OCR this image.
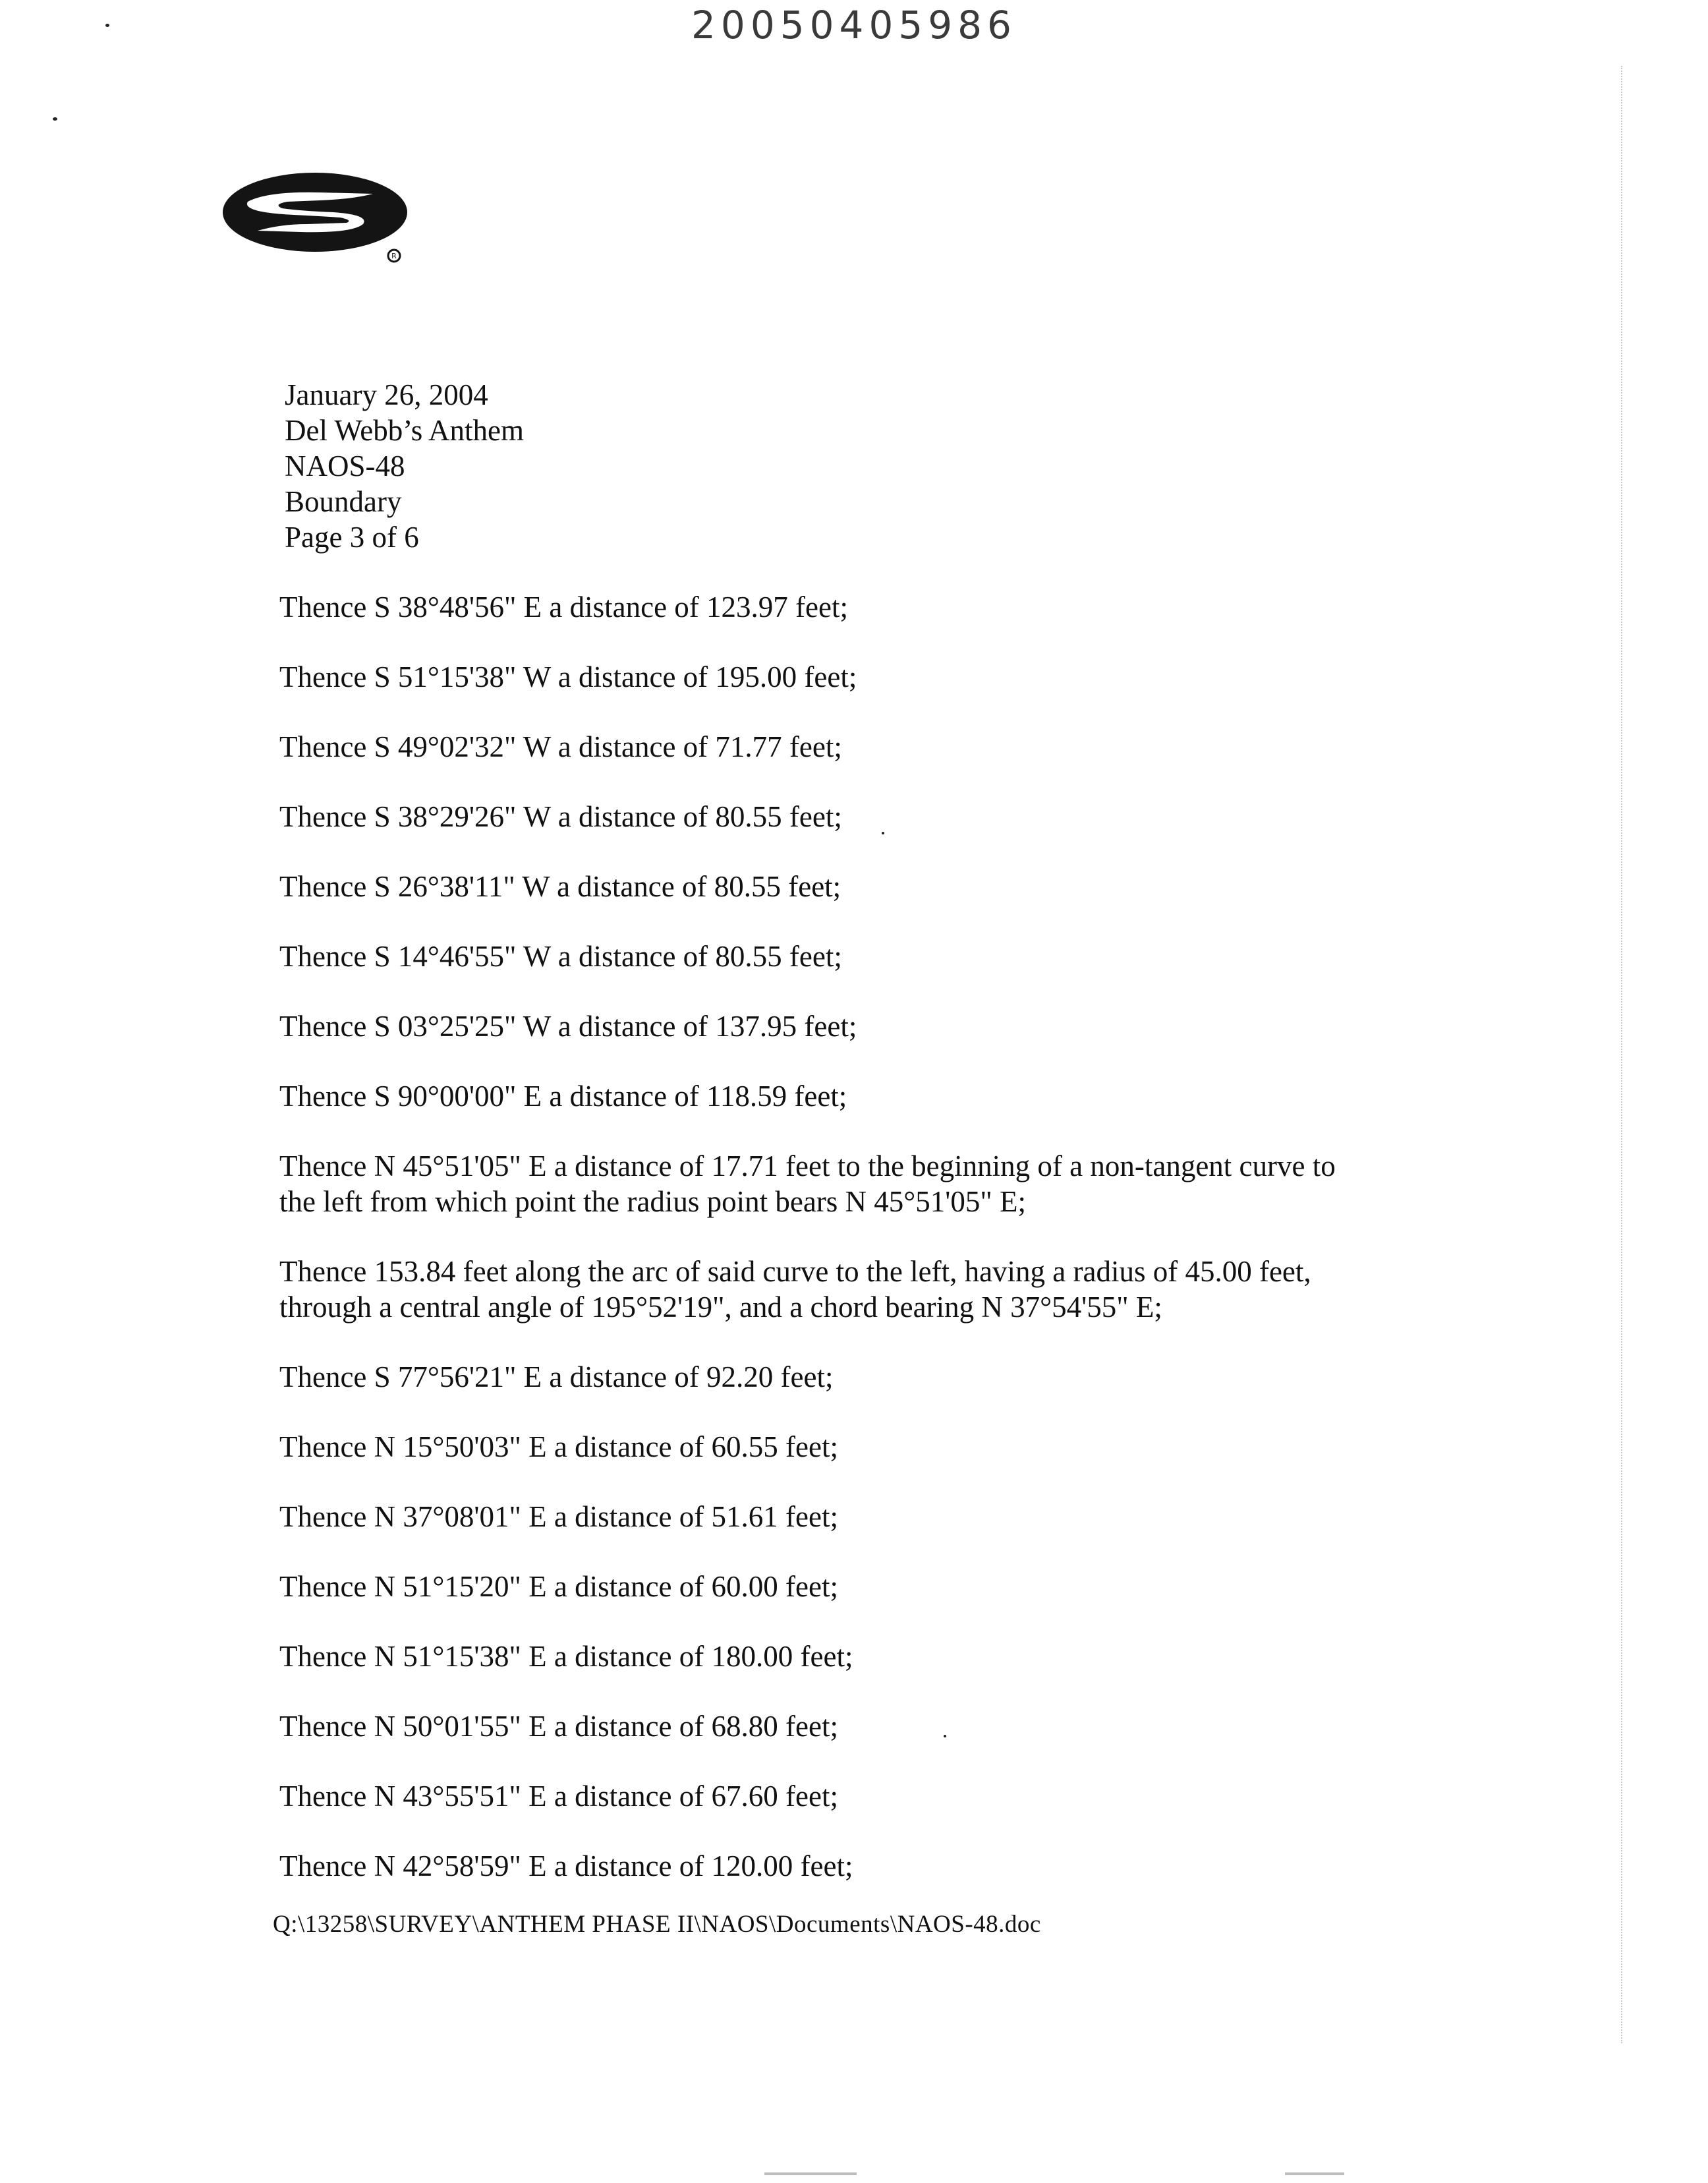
20050405986
R
January 26, 2004
Del Webb’s Anthem
NAOS-48
Boundary
Page 3 of 6
Thence S 38°48'56" E a distance of 123.97 feet;
Thence S 51°15'38" W a distance of 195.00 feet;
Thence S 49°02'32" W a distance of 71.77 feet;
Thence S 38°29'26" W a distance of 80.55 feet;
Thence S 26°38'11" W a distance of 80.55 feet;
Thence S 14°46'55" W a distance of 80.55 feet;
Thence S 03°25'25" W a distance of 137.95 feet;
Thence S 90°00'00" E a distance of 118.59 feet;
Thence N 45°51'05" E a distance of 17.71 feet to the beginning of a non-tangent curve to
the left from which point the radius point bears N 45°51'05" E;
Thence 153.84 feet along the arc of said curve to the left, having a radius of 45.00 feet,
through a central angle of 195°52'19", and a chord bearing N 37°54'55" E;
Thence S 77°56'21" E a distance of 92.20 feet;
Thence N 15°50'03" E a distance of 60.55 feet;
Thence N 37°08'01" E a distance of 51.61 feet;
Thence N 51°15'20" E a distance of 60.00 feet;
Thence N 51°15'38" E a distance of 180.00 feet;
Thence N 50°01'55" E a distance of 68.80 feet;
Thence N 43°55'51" E a distance of 67.60 feet;
Thence N 42°58'59" E a distance of 120.00 feet;
Q:\13258\SURVEY\ANTHEM PHASE II\NAOS\Documents\NAOS-48.doc
